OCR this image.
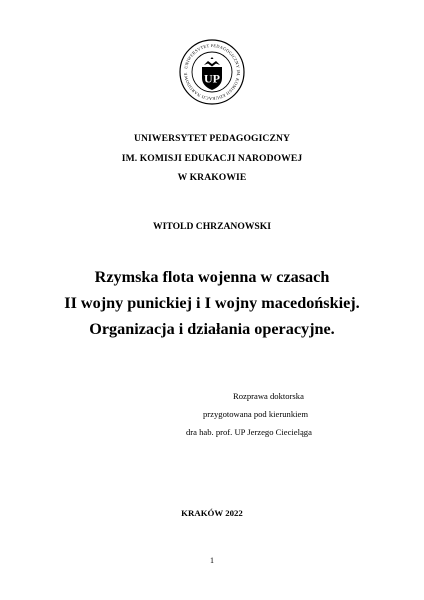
UNIWERSYTET PEDAGOGICZNY IM. KOMISJI EDUKACJI NARODOWE	UP
UNIWERSYTET PEDAGOGICZNY
IM. KOMISJI EDUKACJI NARODOWEJ
W KRAKOWIE
WITOLD CHRZANOWSKI
Rzymska flota wojenna w czasach
II wojny punickiej i I wojny macedońskiej.
Organizacja i działania operacyjne.
Rozprawa doktorska
przygotowana pod kierunkiem
dra hab. prof. UP Jerzego Ciecieląga
KRAKÓW 2022
1
